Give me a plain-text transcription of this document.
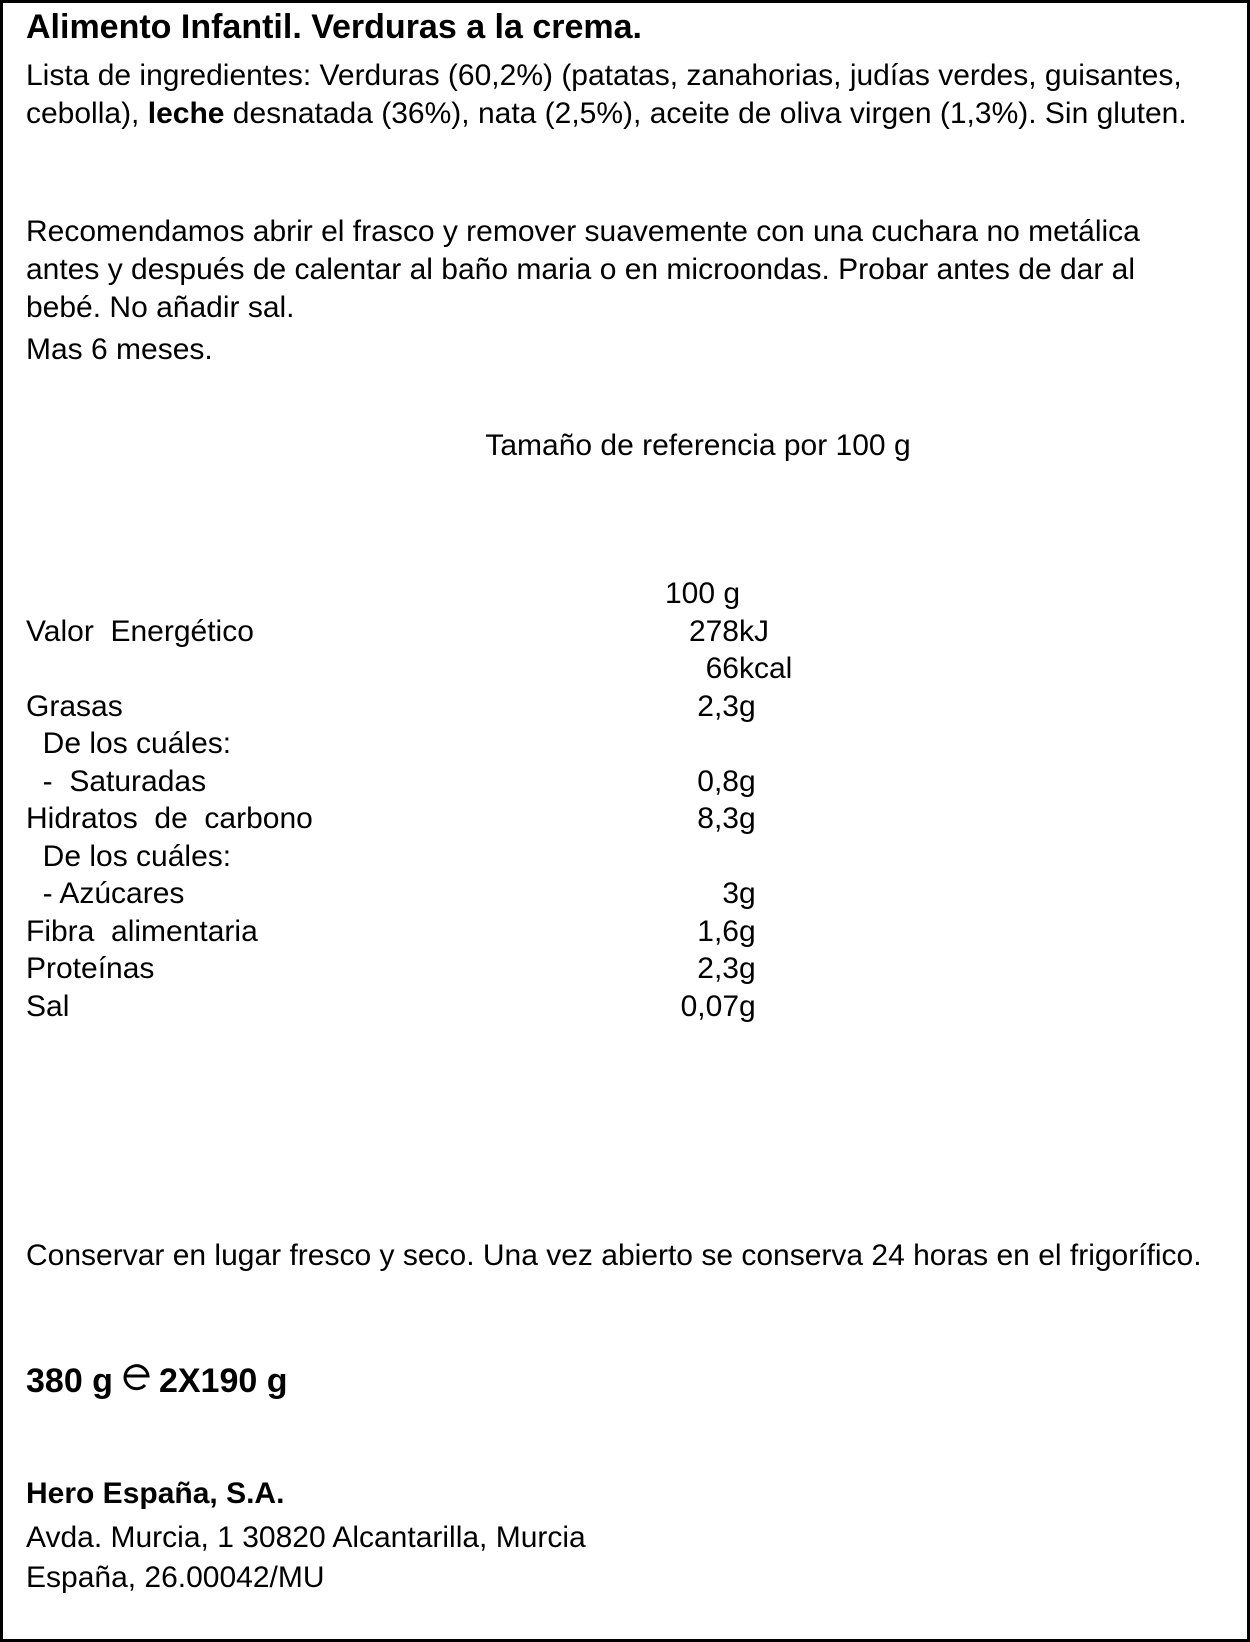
Alimento Infantil. Verduras a la crema.
Lista de ingredientes: Verduras (60,2%) (patatas, zanahorias, judías verdes, guisantes, cebolla), leche desnatada (36%), nata (2,5%), aceite de oliva virgen (1,3%). Sin gluten.
Recomendamos abrir el frasco y remover suavemente con una cuchara no metálica antes y después de calentar al baño maria o en microondas. Probar antes de dar al bebé. No añadir sal.
Mas 6 meses.
Tamaño de referencia por 100 g
100 g
Valor  Energético	278 kJ
66 kcal
Grasas	2,3 g
De los cuáles:
-  Saturadas	0,8 g
Hidratos  de  carbono	8,3 g
De los cuáles:
- Azúcares	3 g
Fibra  alimentaria	1,6 g
Proteínas	2,3 g
Sal	0,07 g
Conservar en lugar fresco y seco. Una vez abierto se conserva 24 horas en el frigorífico.
380 g 2X190 g
Hero España, S.A.
Avda. Murcia, 1 30820 Alcantarilla, Murcia
España, 26.00042/MU
